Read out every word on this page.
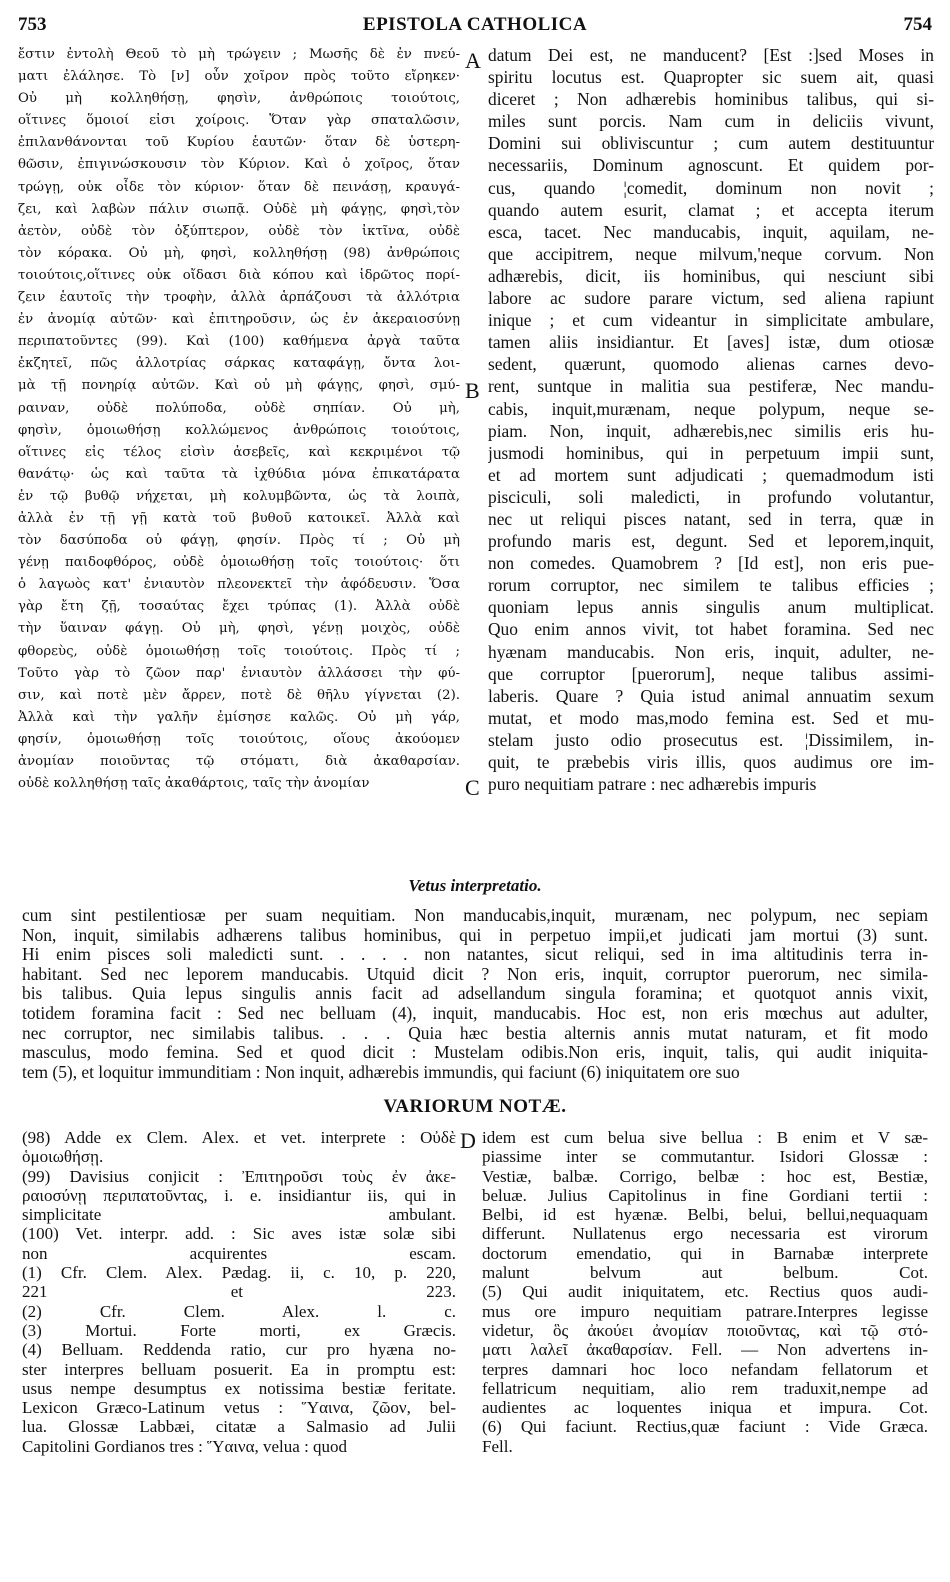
753	EPISTOLA CATHOLICA	754
ἔστιν ἐντολὴ Θεοῦ τὸ μὴ τρώγειν ; Μωσῆς δὲ ἐν πνεύ-
ματι ἐλάλησε. Τὸ [ν] οὖν χοῖρον πρὸς τοῦτο εἴρηκεν·
Οὐ μὴ κολληθήσῃ, φησὶν, ἀνθρώποις τοιούτοις,
οἵτινες ὅμοιοί εἰσι χοίροις. Ὅταν γὰρ σπαταλῶσιν,
ἐπιλανθάνονται τοῦ Κυρίου ἑαυτῶν· ὅταν δὲ ὑστερη-
θῶσιν, ἐπιγινώσκουσιν τὸν Κύριον. Καὶ ὁ χοῖρος, ὅταν
τρώγῃ, οὐκ οἶδε τὸν κύριον· ὅταν δὲ πεινάσῃ, κραυγά-
ζει, καὶ λαβὼν πάλιν σιωπᾷ. Οὐδὲ μὴ φάγῃς, φησὶ,τὸν
ἀετὸν, οὐδὲ τὸν ὀξύπτερον, οὐδὲ τὸν ἰκτῖνα, οὐδὲ
τὸν κόρακα. Οὐ μὴ, φησὶ, κολληθήσῃ (98) ἀνθρώποις
τοιούτοις,οἵτινες οὐκ οἴδασι διὰ κόπου καὶ ἱδρῶτος πορί-
ζειν ἑαυτοῖς τὴν τροφὴν, ἀλλὰ ἁρπάζουσι τὰ ἀλλότρια
ἐν ἀνομίᾳ αὐτῶν· καὶ ἐπιτηροῦσιν, ὡς ἐν ἀκεραιοσύνῃ
περιπατοῦντες (99). Καὶ (100) καθήμενα ἀργὰ ταῦτα
ἐκζητεῖ, πῶς ἀλλοτρίας σάρκας καταφάγῃ, ὄντα λοι-
μὰ τῇ πονηρίᾳ αὐτῶν. Καὶ οὐ μὴ φάγῃς, φησὶ, σμύ-
ραιναν, οὐδὲ πολύποδα, οὐδὲ σηπίαν. Οὐ μὴ,
φησὶν, ὁμοιωθήσῃ κολλώμενος ἀνθρώποις τοιούτοις,
οἵτινες εἰς τέλος εἰσὶν ἀσεβεῖς, καὶ κεκριμένοι τῷ
θανάτῳ· ὡς καὶ ταῦτα τὰ ἰχθύδια μόνα ἐπικατάρατα
ἐν τῷ βυθῷ νήχεται, μὴ κολυμβῶντα, ὡς τὰ λοιπὰ,
ἀλλὰ ἐν τῇ γῇ κατὰ τοῦ βυθοῦ κατοικεῖ. Ἀλλὰ καὶ
τὸν δασύποδα οὐ φάγῃ, φησίν. Πρὸς τί ; Οὐ μὴ
γένῃ παιδοφθόρος, οὐδὲ ὁμοιωθήσῃ τοῖς τοιούτοις· ὅτι
ὁ λαγωὸς κατ' ἐνιαυτὸν πλεονεκτεῖ τὴν ἀφόδευσιν. Ὅσα
γὰρ ἔτη ζῇ, τοσαύτας ἔχει τρύπας (1). Ἀλλὰ οὐδὲ
τὴν ὕαιναν φάγῃ. Οὐ μὴ, φησὶ, γένῃ μοιχὸς, οὐδὲ
φθορεὺς, οὐδὲ ὁμοιωθήσῃ τοῖς τοιούτοις. Πρὸς τί ;
Τοῦτο γὰρ τὸ ζῶον παρ' ἐνιαυτὸν ἀλλάσσει τὴν φύ-
σιν, καὶ ποτὲ μὲν ἄρρεν, ποτὲ δὲ θῆλυ γίγνεται (2).
Ἀλλὰ καὶ τὴν γαλῆν ἐμίσησε καλῶς. Οὐ μὴ γάρ,
φησίν, ὁμοιωθήσῃ τοῖς τοιούτοις, οἵους ἀκούομεν
ἀνομίαν ποιοῦντας τῷ στόματι, διὰ ἀκαθαρσίαν.
οὐδὲ κολληθήσῃ ταῖς ἀκαθάρτοις, ταῖς τὴν ἀνομίαν
datum Dei est, ne manducent? [Est :]sed Moses in
spiritu locutus est. Quapropter sic suem ait, quasi
diceret ; Non adhærebis hominibus talibus, qui si-
miles sunt porcis. Nam cum in deliciis vivunt,
Domini sui obliviscuntur ; cum autem destituuntur
necessariis, Dominum agnoscunt. Et quidem por-
cus, quando ¦comedit, dominum non novit ;
quando autem esurit, clamat ; et accepta iterum
esca, tacet. Nec manducabis, inquit, aquilam, ne-
que accipitrem, neque milvum,'neque corvum. Non
adhærebis, dicit, iis hominibus, qui nesciunt sibi
labore ac sudore parare victum, sed aliena rapiunt
inique ; et cum videantur in simplicitate ambulare,
tamen aliis insidiantur. Et [aves] istæ, dum otiosæ
sedent, quærunt, quomodo alienas carnes devo-
rent, suntque in malitia sua pestiferæ, Nec mandu-
cabis, inquit,murænam, neque polypum, neque se-
piam. Non, inquit, adhærebis,nec similis eris hu-
jusmodi hominibus, qui in perpetuum impii sunt,
et ad mortem sunt adjudicati ; quemadmodum isti
pisciculi, soli maledicti, in profundo volutantur,
nec ut reliqui pisces natant, sed in terra, quæ in
profundo maris est, degunt. Sed et leporem,inquit,
non comedes. Quamobrem ? [Id est], non eris pue-
rorum corruptor, nec similem te talibus efficies ;
quoniam lepus annis singulis anum multiplicat.
Quo enim annos vivit, tot habet foramina. Sed nec
hyænam manducabis. Non eris, inquit, adulter, ne-
que corruptor [puerorum], neque talibus assimi-
laberis. Quare ? Quia istud animal annuatim sexum
mutat, et modo mas,modo femina est. Sed et mu-
stelam justo odio prosecutus est. ¦Dissimilem, in-
quit, te præbebis viris illis, quos audimus ore im-
puro nequitiam patrare : nec adhærebis impuris
A
B
C
Vetus interpretatio.
cum sint pestilentiosæ per suam nequitiam. Non manducabis,inquit, murænam, nec polypum, nec sepiam
Non, inquit, similabis adhærens talibus hominibus, qui in perpetuo impii,et judicati jam mortui (3) sunt.
Hi enim pisces soli maledicti sunt. . . . . non natantes, sicut reliqui, sed in ima altitudinis terra in-
habitant. Sed nec leporem manducabis. Utquid dicit ? Non eris, inquit, corruptor puerorum, nec simila-
bis talibus. Quia lepus singulis annis facit ad adsellandum singula foramina; et quotquot annis vixit,
totidem foramina facit : Sed nec belluam (4), inquit, manducabis. Hoc est, non eris mœchus aut adulter,
nec corruptor, nec similabis talibus. . . . Quia hæc bestia alternis annis mutat naturam, et fit modo
masculus, modo femina. Sed et quod dicit : Mustelam odibis.Non eris, inquit, talis, qui audit iniquita-
tem (5), et loquitur immunditiam : Non inquit, adhærebis immundis, qui faciunt (6) iniquitatem ore suo
VARIORUM NOTÆ.
D
(98) Adde ex Clem. Alex. et vet. interprete : Οὐδὲ
ὁμοιωθήσῃ.
(99) Davisius conjicit : Ἐπιτηροῦσι τοὺς ἐν ἀκε-
ραιοσύνῃ περιπατοῦντας, i. e. insidiantur iis, qui in
simplicitate ambulant.
(100) Vet. interpr. add. : Sic aves istæ solæ sibi
non acquirentes escam.
(1) Cfr. Clem. Alex. Pædag. ii, c. 10, p. 220,
221 et 223.
(2) Cfr. Clem. Alex. l. c.
(3) Mortui. Forte morti, ex Græcis.
(4) Belluam. Reddenda ratio, cur pro hyæna no-
ster interpres belluam posuerit. Ea in promptu est:
usus nempe desumptus ex notissima bestiæ feritate.
Lexicon Græco-Latinum vetus : Ὕαινα, ζῶον, bel-
lua. Glossæ Labbæi, citatæ a Salmasio ad Julii
Capitolini Gordianos tres : Ὕαινα, velua : quod
idem est cum belua sive bellua : B enim et V sæ-
piassime inter se commutantur. Isidori Glossæ :
Vestiæ, balbæ. Corrigo, belbæ : hoc est, Bestiæ,
beluæ. Julius Capitolinus in fine Gordiani tertii :
Belbi, id est hyænæ. Belbi, belui, bellui,nequaquam
differunt. Nullatenus ergo necessaria est virorum
doctorum emendatio, qui in Barnabæ interprete
malunt belvum aut belbum. Cot.
(5) Qui audit iniquitatem, etc. Rectius quos audi-
mus ore impuro nequitiam patrare.Interpres legisse
videtur, ὃς ἀκούει ἀνομίαν ποιοῦντας, καὶ τῷ στό-
ματι λαλεῖ ἀκαθαρσίαν. Fell. — Non advertens in-
terpres damnari hoc loco nefandam fellatorum et
fellatricum nequitiam, alio rem traduxit,nempe ad
audientes ac loquentes iniqua et impura. Cot.
(6) Qui faciunt. Rectius,quæ faciunt : Vide Græca.
Fell.
